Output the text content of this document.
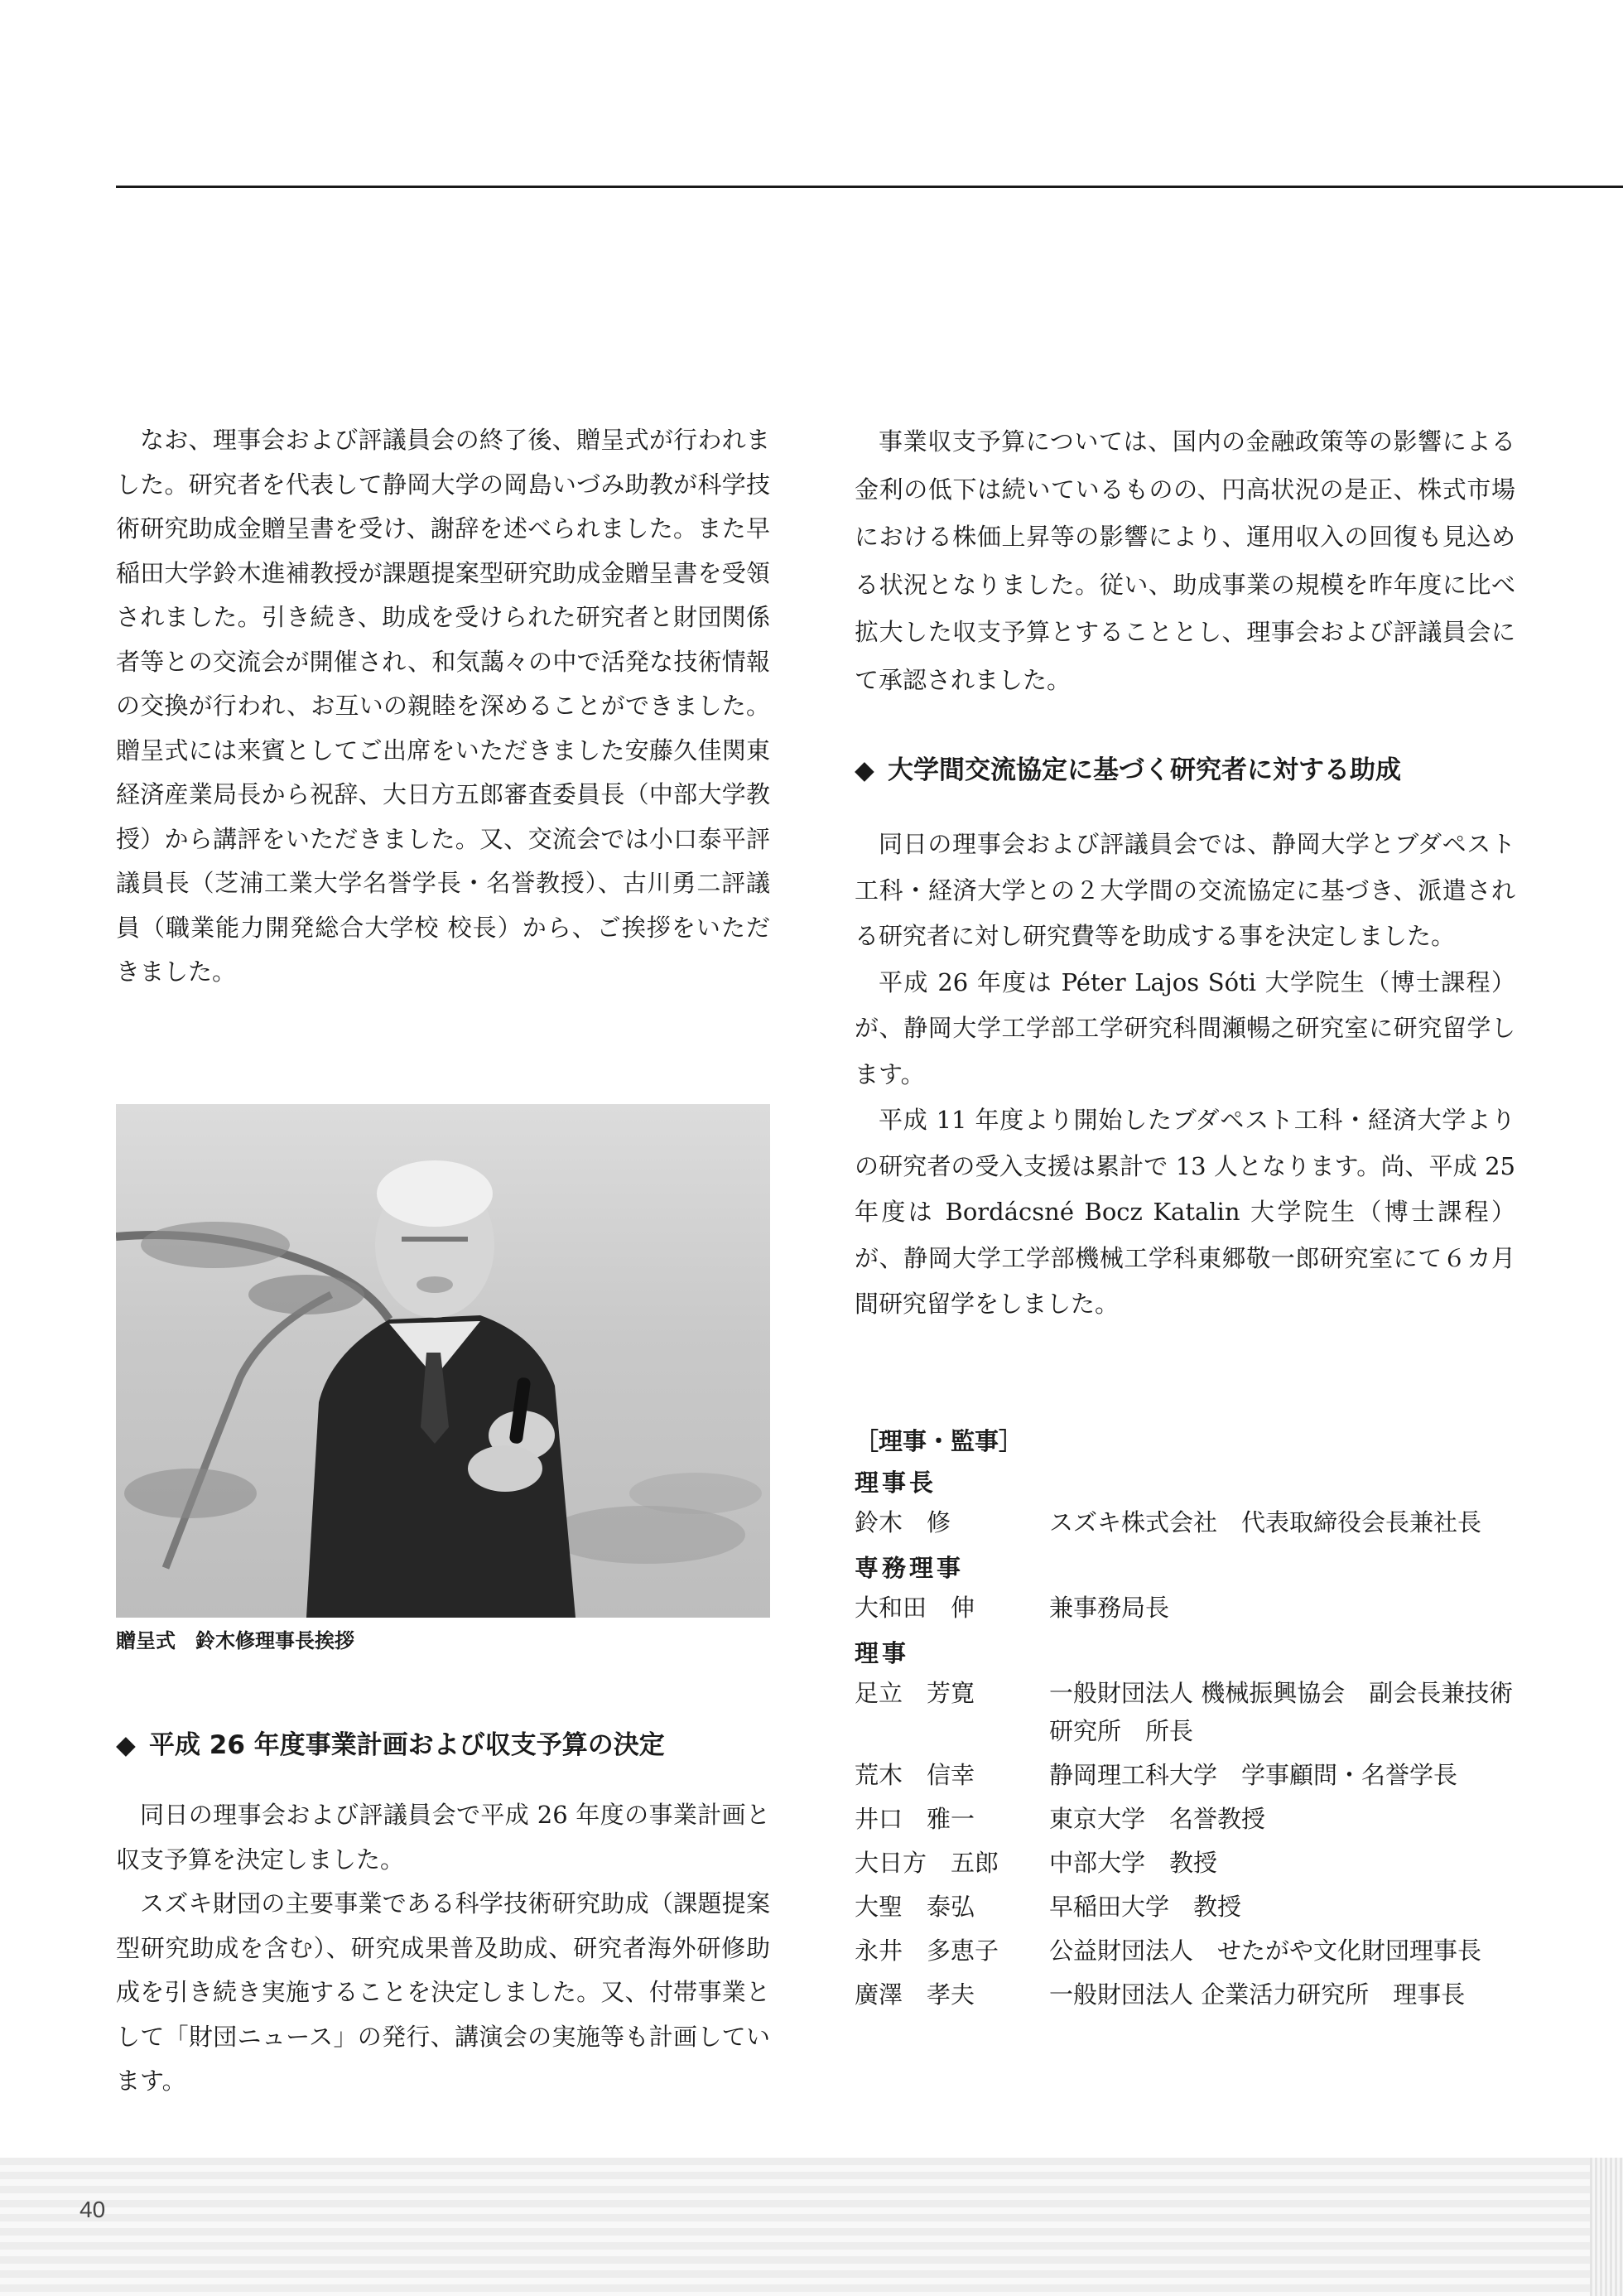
なお、理事会および評議員会の終了後、贈呈式が行われました。研究者を代表して静岡大学の岡島いづみ助教が科学技術研究助成金贈呈書を受け、謝辞を述べられました。また早稲田大学鈴木進補教授が課題提案型研究助成金贈呈書を受領されました。引き続き、助成を受けられた研究者と財団関係者等との交流会が開催され、和気藹々の中で活発な技術情報の交換が行われ、お互いの親睦を深めることができました。贈呈式には来賓としてご出席をいただきました安藤久佳関東経済産業局長から祝辞、大日方五郎審査委員長（中部大学教授）から講評をいただきました。又、交流会では小口泰平評議員長（芝浦工業大学名誉学長・名誉教授）、古川勇二評議員（職業能力開発総合大学校 校長）から、ご挨拶をいただきました。

贈呈式　鈴木修理事長挨拶

◆ 平成 26 年度事業計画および収支予算の決定

同日の理事会および評議員会で平成 26 年度の事業計画と収支予算を決定しました。

スズキ財団の主要事業である科学技術研究助成（課題提案型研究助成を含む）、研究成果普及助成、研究者海外研修助成を引き続き実施することを決定しました。又、付帯事業として「財団ニュース」の発行、講演会の実施等も計画しています。

事業収支予算については、国内の金融政策等の影響による金利の低下は続いているものの、円高状況の是正、株式市場における株価上昇等の影響により、運用収入の回復も見込める状況となりました。従い、助成事業の規模を昨年度に比べ拡大した収支予算とすることとし、理事会および評議員会にて承認されました。

◆ 大学間交流協定に基づく研究者に対する助成

同日の理事会および評議員会では、静岡大学とブダペスト工科・経済大学との２大学間の交流協定に基づき、派遣される研究者に対し研究費等を助成する事を決定しました。

平成 26 年度は Péter Lajos Sóti 大学院生（博士課程）が、静岡大学工学部工学研究科間瀬暢之研究室に研究留学します。

平成 11 年度より開始したブダペスト工科・経済大学よりの研究者の受入支援は累計で 13 人となります。尚、平成 25 年度は Bordácsné Bocz Katalin 大学院生（博士課程）が、静岡大学工学部機械工学科東郷敬一郎研究室にて６カ月間研究留学をしました。

［理事・監事］

理事長

鈴木　修	スズキ株式会社　代表取締役会長兼社長

専務理事

大和田　伸	兼事務局長

理事

足立　芳寛	一般財団法人 機械振興協会　副会長兼技術研究所　所長
荒木　信幸	静岡理工科大学　学事顧問・名誉学長
井口　雅一	東京大学　名誉教授
大日方　五郎	中部大学　教授
大聖　泰弘	早稲田大学　教授
永井　多恵子	公益財団法人　せたがや文化財団理事長
廣澤　孝夫	一般財団法人 企業活力研究所　理事長
40
